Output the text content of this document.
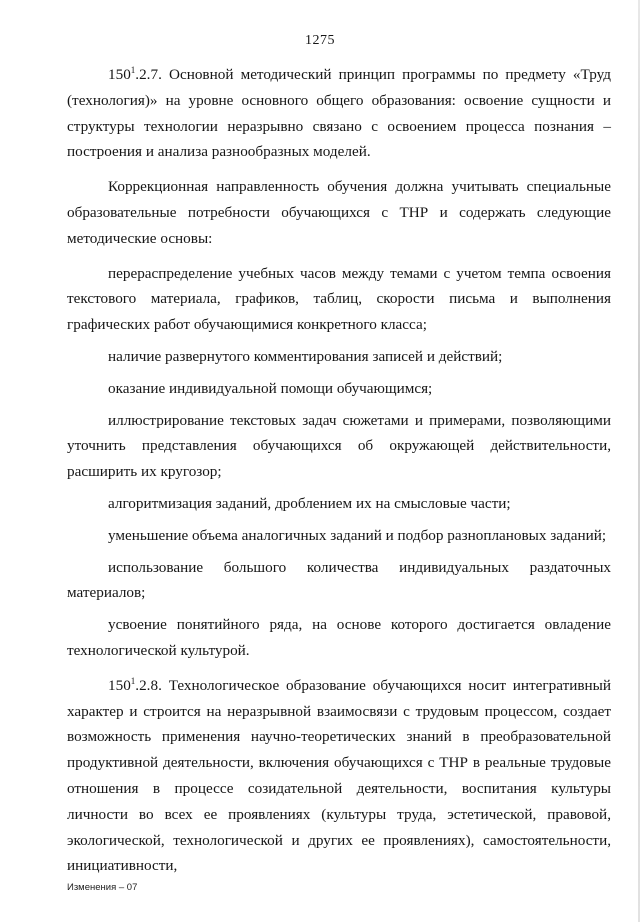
1275

$150^1.2.7$. Основной методический принцип программы по предмету «Труд (технология)» на уровне основного общего образования: освоение сущности и структуры технологии неразрывно связано с освоением процесса познания – построения и анализа разнообразных моделей.

Коррекционная направленность обучения должна учитывать специальные образовательные потребности обучающихся с ТНР и содержать следующие методические основы:

перераспределение учебных часов между темами с учетом темпа освоения текстового материала, графиков, таблиц, скорости письма и выполнения графических работ обучающимися конкретного класса;

наличие развернутого комментирования записей и действий;

оказание индивидуальной помощи обучающимся;

иллюстрирование текстовых задач сюжетами и примерами, позволяющими уточнить представления обучающихся об окружающей действительности, расширить их кругозор;

алгоритмизация заданий, дроблением их на смысловые части;

уменьшение объема аналогичных заданий и подбор разноплановых заданий;

использование большого количества индивидуальных раздаточных материалов;

усвоение понятийного ряда, на основе которого достигается овладение технологической культурой.

$150^1.2.8$. Технологическое образование обучающихся носит интегративный характер и строится на неразрывной взаимосвязи с трудовым процессом, создает возможность применения научно-теоретических знаний в преобразовательной продуктивной деятельности, включения обучающихся с ТНР в реальные трудовые отношения в процессе созидательной деятельности, воспитания культуры личности во всех ее проявлениях (культуры труда, эстетической, правовой, экологической, технологической и других ее проявлениях), самостоятельности, инициативности,

Изменения – 07
